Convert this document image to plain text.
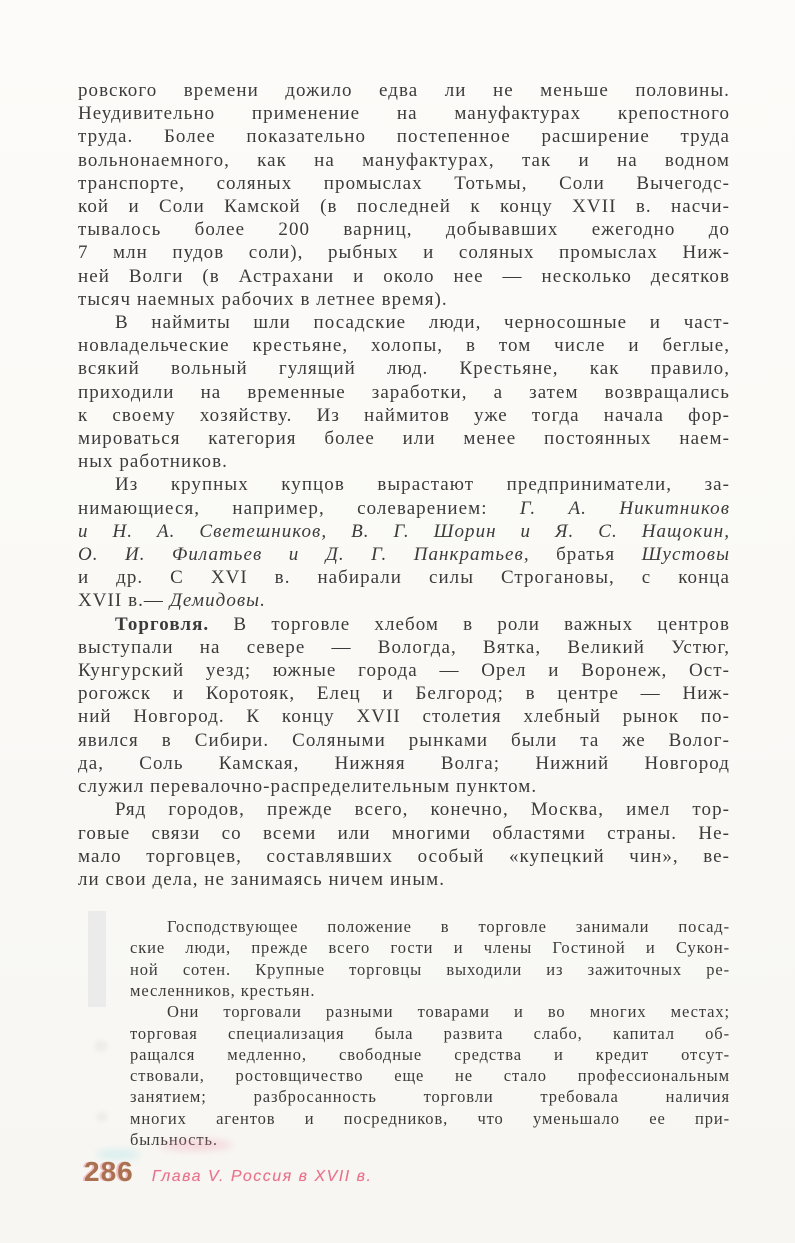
ровского времени дожило едва ли не меньше половины.
Неудивительно применение на мануфактурах крепостного
труда. Более показательно постепенное расширение труда
вольнонаемного, как на мануфактурах, так и на водном
транспорте, соляных промыслах Тотьмы, Соли Вычегодс-
кой и Соли Камской (в последней к концу XVII в. насчи-
тывалось более 200 варниц, добывавших ежегодно до
7 млн пудов соли), рыбных и соляных промыслах Ниж-
ней Волги (в Астрахани и около нее — несколько десятков
тысяч наемных рабочих в летнее время).
В наймиты шли посадские люди, черносошные и част-
новладельческие крестьяне, холопы, в том числе и беглые,
всякий вольный гулящий люд. Крестьяне, как правило,
приходили на временные заработки, а затем возвращались
к своему хозяйству. Из наймитов уже тогда начала фор-
мироваться категория более или менее постоянных наем-
ных работников.
Из крупных купцов вырастают предприниматели, за-
нимающиеся, например, солеварением: Г. А. Никитников
и Н. А. Светешников, В. Г. Шорин и Я. С. Нащокин,
О. И. Филатьев и Д. Г. Панкратьев, братья Шустовы
и др. С XVI в. набирали силы Строгановы, с конца
XVII в.— Демидовы.
Торговля. В торговле хлебом в роли важных центров
выступали на севере — Вологда, Вятка, Великий Устюг,
Кунгурский уезд; южные города — Орел и Воронеж, Ост-
рогожск и Коротояк, Елец и Белгород; в центре — Ниж-
ний Новгород. К концу XVII столетия хлебный рынок по-
явился в Сибири. Соляными рынками были та же Волог-
да, Соль Камская, Нижняя Волга; Нижний Новгород
служил перевалочно-распределительным пунктом.
Ряд городов, прежде всего, конечно, Москва, имел тор-
говые связи со всеми или многими областями страны. Не-
мало торговцев, составлявших особый «купецкий чин», ве-
ли свои дела, не занимаясь ничем иным.
Господствующее положение в торговле занимали посад-
ские люди, прежде всего гости и члены Гостиной и Сукон-
ной сотен. Крупные торговцы выходили из зажиточных ре-
месленников, крестьян.
Они торговали разными товарами и во многих местах;
торговая специализация была развита слабо, капитал об-
ращался медленно, свободные средства и кредит отсут-
ствовали, ростовщичество еще не стало профессиональным
занятием; разбросанность торговли требовала наличия
многих агентов и посредников, что уменьшало ее при-
быльность.
286 Глава V. Россия в XVII в.
